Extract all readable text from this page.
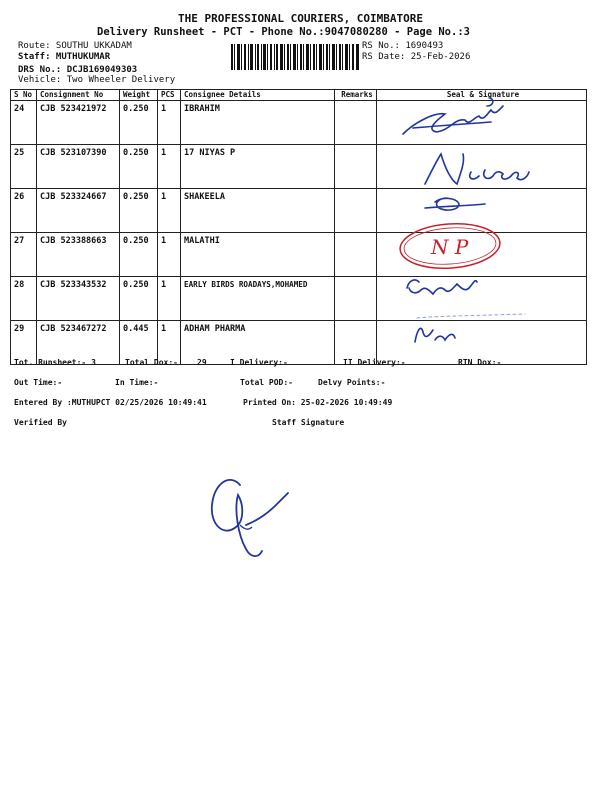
THE PROFESSIONAL COURIERS, COIMBATORE
Delivery Runsheet - PCT - Phone No.:9047080280 - Page No.:3
Route: SOUTHU UKKADAM
Staff: MUTHUKUMAR
DRS No.: DCJB169049303
Vehicle: Two Wheeler Delivery
RS No.: 1690493
RS Date: 25-Feb-2026
S No	Consignment No	Weight	PCS	Consignee Details	Remarks	Seal & Signature
24	CJB 523421972	0.250	1	IBRAHIM		
25	CJB 523107390	0.250	1	17 NIYAS P		
26	CJB 523324667	0.250	1	SHAKEELA		
27	CJB 523388663	0.250	1	MALATHI		
28	CJB 523343532	0.250	1	EARLY BIRDS ROADAYS,MOHAMED		
29	CJB 523467272	0.445	1	ADHAM PHARMA		
N P
Tot. Runsheet:- 3	Total Dox:- 29	I Delivery:-	II Delivery:-	RTN Dox:-
Out Time:-	In Time:-	Total POD:-	Delvy Points:-
Entered By :MUTHUPCT 02/25/2026 10:49:41	Printed On: 25-02-2026 10:49:49
Verified By	Staff Signature
